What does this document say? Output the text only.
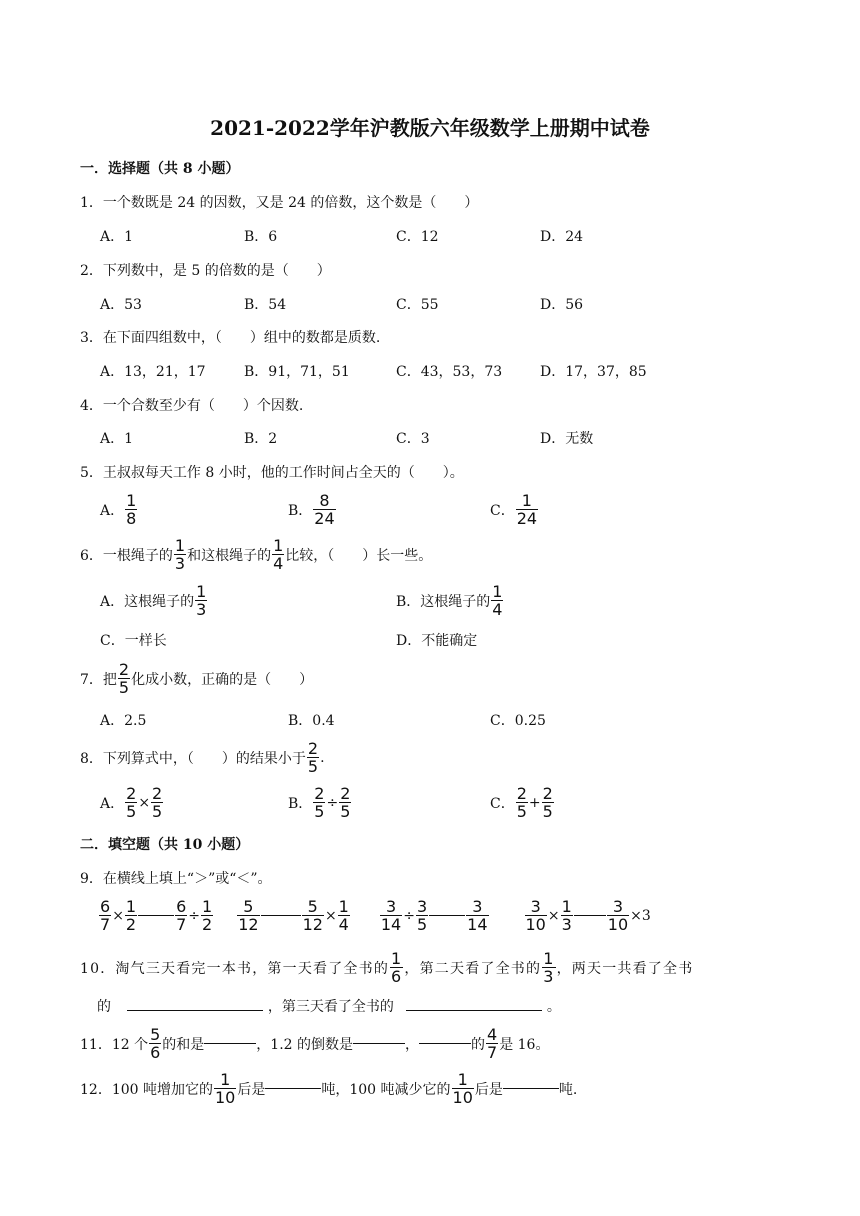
2021-2022学年沪教版六年级数学上册期中试卷
一．选择题（共 8 小题）
1．一个数既是 24 的因数，又是 24 的倍数，这个数是（　　）
A．1	B．6	C．12	D．24
2．下列数中，是 5 的倍数的是（　　）
A．53	B．54	C．55	D．56
3．在下面四组数中，（　　）组中的数都是质数.
A．13，21，17	B．91，71，51	C．43，53，73	D．17，37，85
4．一个合数至少有（　　）个因数.
A．1	B．2	C．3	D．无数
5．王叔叔每天工作 8 小时，他的工作时间占全天的（　　）。
A．
1
8	B．
8
24	C．
1
24
6．一根绳子的
1
3 和这根绳子的
1
4 比较，（　　）长一些。
A．这根绳子的
1
3	B．这根绳子的
1
4
C．一样长	D．不能确定
7．把
2
5 化成小数，正确的是（　　）
A．2.5	B．0.4	C．0.25
8．下列算式中，（　　）的结果小于
2
5 .
A． $\frac{2}{5} \times \frac{2}{5}$	B． $\frac{2}{5} \div \frac{2}{5}$	C．
2
$5 + \frac{2}{5}$
二．填空题（共 10 小题）
9．在横线上填上“＞”或“＜”。
$\frac{6}{7} \times \frac{1}{2} \frac{6}{7} \div \frac{1}{2} 5$
12	$\frac{5}{12} \times \frac{1}{4} \frac{3}{14} \div \frac{3}{5}$	3
$14 \frac{3}{10} \times \frac{1}{3} \frac{3}{10} \times 3$
10．淘气三天看完一本书，第一天看了全书的
1
6 ，第二天看了全书的
1
3 ，两天一共看了全书
的	，第三天看了全书的	。
11．12 个
5
6 的和是	，1.2 的倒数是	，	的
4
7 是 16。
12．100 吨增加它的
1
10 后是	吨，100 吨减少它的
1
10 后是	吨.
